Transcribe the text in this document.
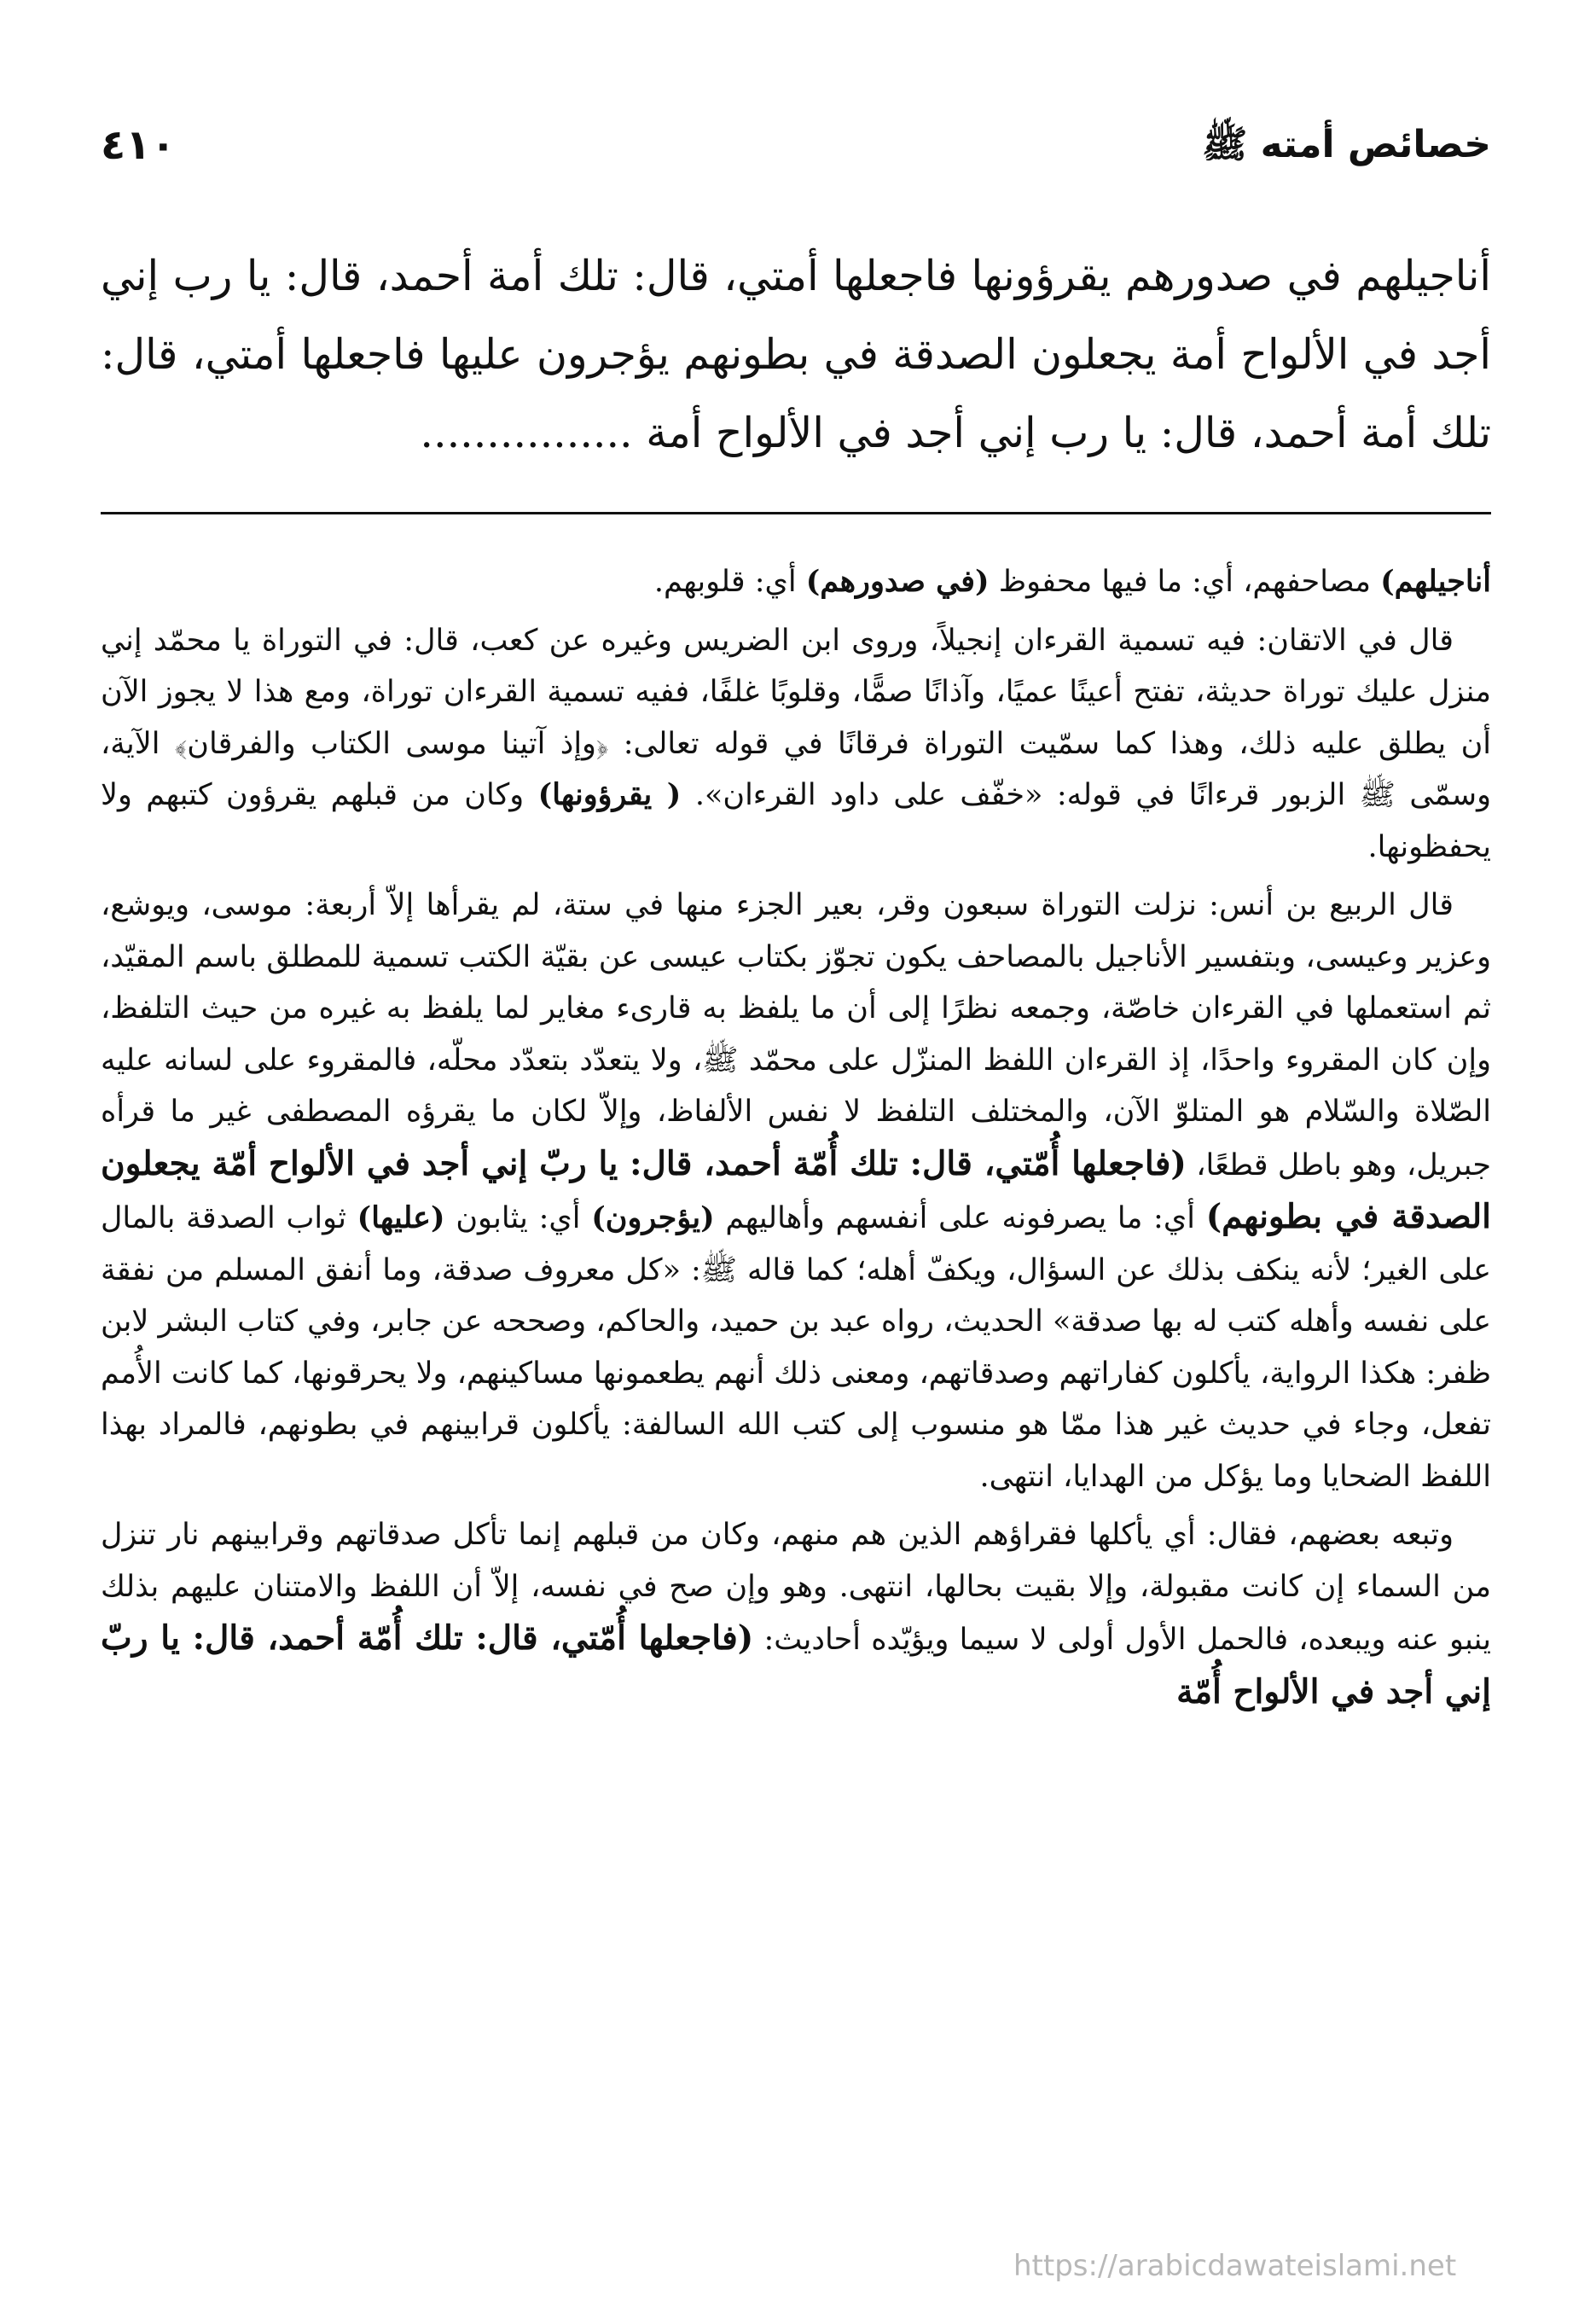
خصائص أمته ﷺ
٤١٠

أناجيلهم في صدورهم يقرؤونها فاجعلها أمتي، قال: تلك أمة أحمد، قال: يا رب إني أجد في الألواح أمة يجعلون الصدقة في بطونهم يؤجرون عليها فاجعلها أمتي، قال: تلك أمة أحمد، قال: يا رب إني أجد في الألواح أمة ................

أناجيلهم) مصاحفهم، أي: ما فيها محفوظ (في صدورهم) أي: قلوبهم.

قال في الاتقان: فيه تسمية القرءان إنجيلاً، وروى ابن الضريس وغيره عن كعب، قال: في التوراة يا محمّد إني منزل عليك توراة حديثة، تفتح أعينًا عميًا، وآذانًا صمًّا، وقلوبًا غلفًا، ففيه تسمية القرءان توراة، ومع هذا لا يجوز الآن أن يطلق عليه ذلك، وهذا كما سمّيت التوراة فرقانًا في قوله تعالى: ﴿وإذ آتينا موسى الكتاب والفرقان﴾ الآية، وسمّى ﷺ الزبور قرءانًا في قوله: «خفّف على داود القرءان». ( يقرؤونها) وكان من قبلهم يقرؤون كتبهم ولا يحفظونها.

قال الربيع بن أنس: نزلت التوراة سبعون وقر، بعير الجزء منها في ستة، لم يقرأها إلاّ أربعة: موسى، ويوشع، وعزير وعيسى، وبتفسير الأناجيل بالمصاحف يكون تجوّز بكتاب عيسى عن بقيّة الكتب تسمية للمطلق باسم المقيّد، ثم استعملها في القرءان خاصّة، وجمعه نظرًا إلى أن ما يلفظ به قارىء مغاير لما يلفظ به غيره من حيث التلفظ، وإن كان المقروء واحدًا، إذ القرءان اللفظ المنزّل على محمّد ﷺ، ولا يتعدّد بتعدّد محلّه، فالمقروء على لسانه عليه الصّلاة والسّلام هو المتلوّ الآن، والمختلف التلفظ لا نفس الألفاظ، وإلاّ لكان ما يقرؤه المصطفى غير ما قرأه جبريل، وهو باطل قطعًا، (فاجعلها أُمّتي، قال: تلك أُمّة أحمد، قال: يا ربّ إني أجد في الألواح أمّة يجعلون الصدقة في بطونهم) أي: ما يصرفونه على أنفسهم وأهاليهم (يؤجرون) أي: يثابون (عليها) ثواب الصدقة بالمال على الغير؛ لأنه ينكف بذلك عن السؤال، ويكفّ أهله؛ كما قاله ﷺ: «كل معروف صدقة، وما أنفق المسلم من نفقة على نفسه وأهله كتب له بها صدقة» الحديث، رواه عبد بن حميد، والحاكم، وصححه عن جابر، وفي كتاب البشر لابن ظفر: هكذا الرواية، يأكلون كفاراتهم وصدقاتهم، ومعنى ذلك أنهم يطعمونها مساكينهم، ولا يحرقونها، كما كانت الأُمم تفعل، وجاء في حديث غير هذا ممّا هو منسوب إلى كتب الله السالفة: يأكلون قرابينهم في بطونهم، فالمراد بهذا اللفظ الضحايا وما يؤكل من الهدايا، انتهى.

وتبعه بعضهم، فقال: أي يأكلها فقراؤهم الذين هم منهم، وكان من قبلهم إنما تأكل صدقاتهم وقرابينهم نار تنزل من السماء إن كانت مقبولة، وإلا بقيت بحالها، انتهى. وهو وإن صح في نفسه، إلاّ أن اللفظ والامتنان عليهم بذلك ينبو عنه ويبعده، فالحمل الأول أولى لا سيما ويؤيّده أحاديث: (فاجعلها أُمّتي، قال: تلك أُمّة أحمد، قال: يا ربّ إني أجد في الألواح أُمّة

https://arabicdawateislami.net
